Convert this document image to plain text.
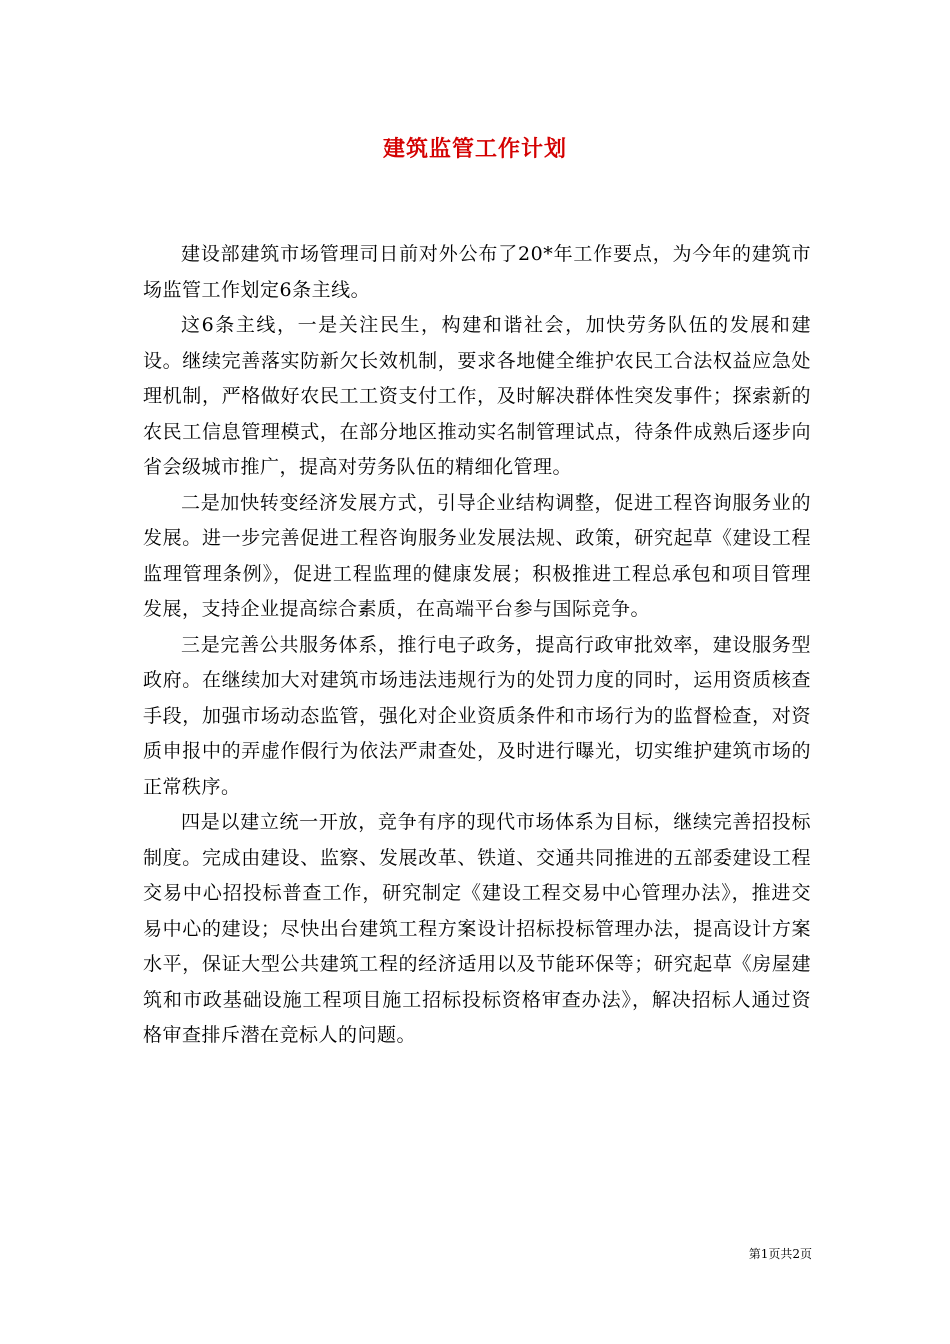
建筑监管工作计划

建设部建筑市场管理司日前对外公布了20*年工作要点，为今年的建筑市场监管工作划定6条主线。

这6条主线，一是关注民生，构建和谐社会，加快劳务队伍的发展和建设。继续完善落实防新欠长效机制，要求各地健全维护农民工合法权益应急处理机制，严格做好农民工工资支付工作，及时解决群体性突发事件；探索新的农民工信息管理模式，在部分地区推动实名制管理试点，待条件成熟后逐步向省会级城市推广，提高对劳务队伍的精细化管理。

二是加快转变经济发展方式，引导企业结构调整，促进工程咨询服务业的发展。进一步完善促进工程咨询服务业发展法规、政策，研究起草《建设工程监理管理条例》，促进工程监理的健康发展；积极推进工程总承包和项目管理发展，支持企业提高综合素质，在高端平台参与国际竞争。

三是完善公共服务体系，推行电子政务，提高行政审批效率，建设服务型政府。在继续加大对建筑市场违法违规行为的处罚力度的同时，运用资质核查手段，加强市场动态监管，强化对企业资质条件和市场行为的监督检查，对资质申报中的弄虚作假行为依法严肃查处，及时进行曝光，切实维护建筑市场的正常秩序。

四是以建立统一开放，竞争有序的现代市场体系为目标，继续完善招投标制度。完成由建设、监察、发展改革、铁道、交通共同推进的五部委建设工程交易中心招投标普查工作，研究制定《建设工程交易中心管理办法》，推进交易中心的建设；尽快出台建筑工程方案设计招标投标管理办法，提高设计方案水平，保证大型公共建筑工程的经济适用以及节能环保等；研究起草《房屋建筑和市政基础设施工程项目施工招标投标资格审查办法》，解决招标人通过资格审查排斥潜在竞标人的问题。

第1页共2页
